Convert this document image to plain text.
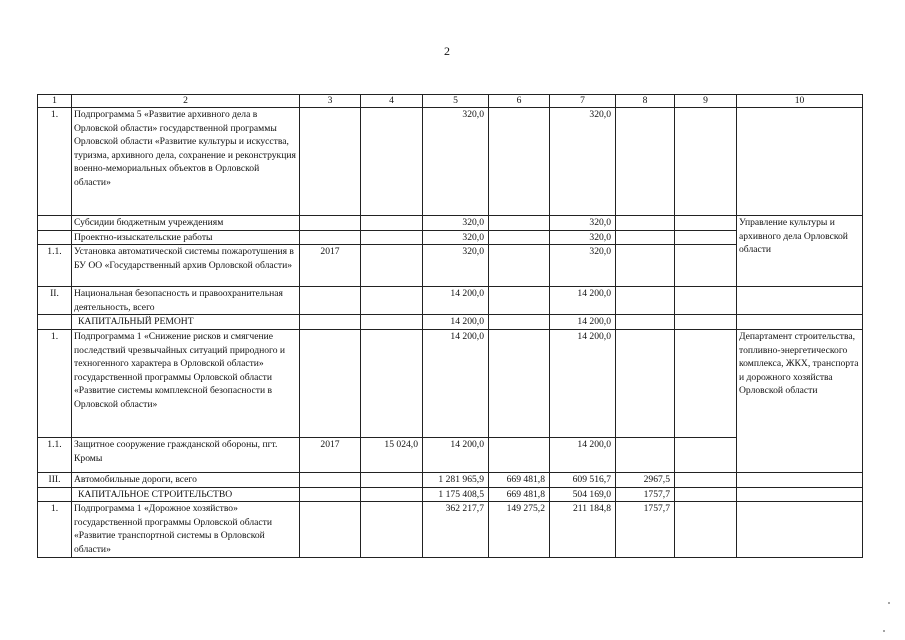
2
1	2	3	4	5	6	7	8	9	10
1.	Подпрограмма 5 «Развитие архивного дела в Орловской области» государственной программы Орловской области «Развитие культуры и искусства, туризма, архивного дела, сохранение и реконструкция военно-мемориальных объектов в Орловской области»			320,0		320,0			
	Субсидии бюджетным учреждениям			320,0		320,0			Управление культуры и архивного дела Орловской области
	Проектно-изыскательские работы			320,0		320,0			
1.1.	Установка автоматической системы пожаротушения в БУ ОО «Государственный архив Орловской области»	2017		320,0		320,0			
II.	Национальная безопасность и правоохранительная деятельность, всего			14 200,0		14 200,0			
	КАПИТАЛЬНЫЙ РЕМОНТ			14 200,0		14 200,0			
1.	Подпрограмма 1 «Снижение рисков и смягчение последствий чрезвычайных ситуаций природного и техногенного характера в Орловской области» государственной программы Орловской области «Развитие системы комплексной безопасности в Орловской области»			14 200,0		14 200,0			Департамент строительства, топливно-энергетического комплекса, ЖКХ, транспорта и дорожного хозяйства Орловской области
1.1.	Защитное сооружение гражданской обороны, пгт. Кромы	2017	15 024,0	14 200,0		14 200,0			
III.	Автомобильные дороги, всего			1 281 965,9	669 481,8	609 516,7	2967,5		
	КАПИТАЛЬНОЕ СТРОИТЕЛЬСТВО			1 175 408,5	669 481,8	504 169,0	1757,7		
1.	Подпрограмма 1 «Дорожное хозяйство» государственной программы Орловской области «Развитие транспортной системы в Орловской области»			362 217,7	149 275,2	211 184,8	1757,7		
